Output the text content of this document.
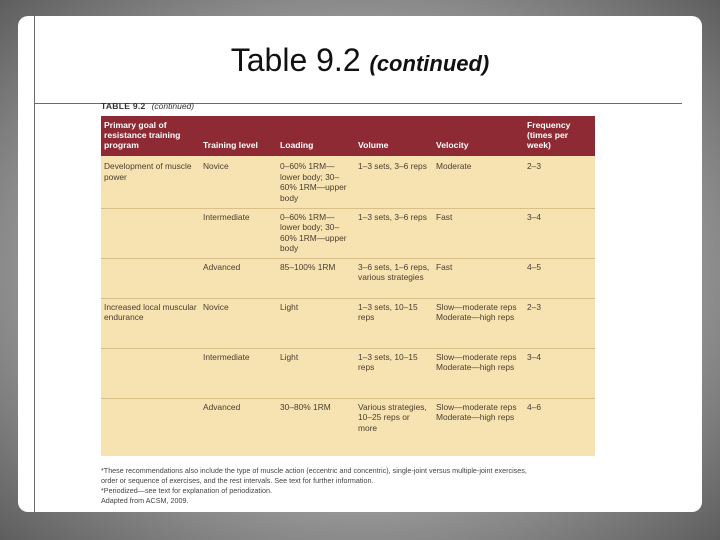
Table 9.2 (continued)
TABLE 9.2 (continued)
Primary goal of resistance training program	Training level	Loading	Volume	Velocity	Frequency (times per week)
Development of muscle power	Novice	0–60% 1RM—lower body; 30–60% 1RM—upper body	1–3 sets, 3–6 reps	Moderate	2–3
	Intermediate	0–60% 1RM—lower body; 30–60% 1RM—upper body	1–3 sets, 3–6 reps	Fast	3–4
	Advanced	85–100% 1RM	3–6 sets, 1–6 reps, various strategies	Fast	4–5
Increased local muscular endurance	Novice	Light	1–3 sets, 10–15 reps	Slow—moderate reps Moderate—high reps	2–3
	Intermediate	Light	1–3 sets, 10–15 reps	Slow—moderate reps Moderate—high reps	3–4
	Advanced	30–80% 1RM	Various strategies, 10–25 reps or more	Slow—moderate reps Moderate—high reps	4–6
*These recommendations also include the type of muscle action (eccentric and concentric), single-joint versus multiple-joint exercises,
order or sequence of exercises, and the rest intervals. See text for further information.
*Periodized—see text for explanation of periodization.
Adapted from ACSM, 2009.
